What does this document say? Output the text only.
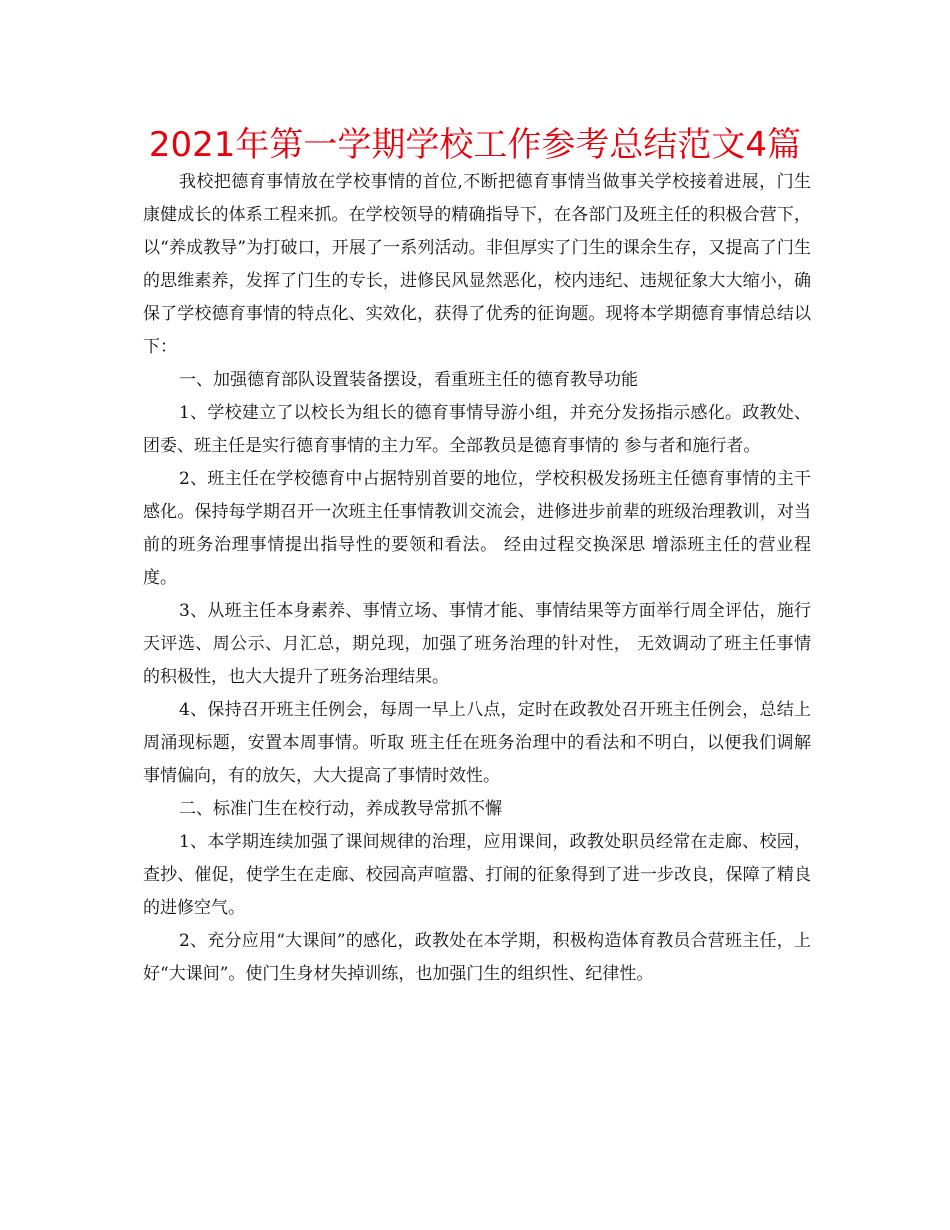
2021年第一学期学校工作参考总结范文4篇

我校把德育事情放在学校事情的首位,不断把德育事情当做事关学校接着进展，门生康健成长的体系工程来抓。在学校领导的精确指导下，在各部门及班主任的积极合营下，以“养成教导”为打破口，开展了一系列活动。非但厚实了门生的课余生存，又提高了门生的思维素养，发挥了门生的专长，进修民风显然恶化，校内违纪、违规征象大大缩小，确保了学校德育事情的特点化、实效化，获得了优秀的征询题。现将本学期德育事情总结以下：

一、加强德育部队设置装备摆设，看重班主任的德育教导功能

1、学校建立了以校长为组长的德育事情导游小组，并充分发扬指示感化。政教处、团委、班主任是实行德育事情的主力军。全部教员是德育事情的 参与者和施行者。

2、班主任在学校德育中占据特别首要的地位，学校积极发扬班主任德育事情的主干感化。保持每学期召开一次班主任事情教训交流会，进修进步前辈的班级治理教训，对当前的班务治理事情提出指导性的要领和看法。 经由过程交换深思 增添班主任的营业程度。

3、从班主任本身素养、事情立场、事情才能、事情结果等方面举行周全评估，施行天评选、周公示、月汇总，期兑现，加强了班务治理的针对性， 无效调动了班主任事情的积极性，也大大提升了班务治理结果。

4、保持召开班主任例会，每周一早上八点，定时在政教处召开班主任例会，总结上周涌现标题，安置本周事情。听取 班主任在班务治理中的看法和不明白，以便我们调解事情偏向，有的放矢，大大提高了事情时效性。

二、标准门生在校行动，养成教导常抓不懈

1、本学期连续加强了课间规律的治理，应用课间，政教处职员经常在走廊、校园，查抄、催促，使学生在走廊、校园高声喧嚣、打闹的征象得到了进一步改良，保障了精良的进修空气。

2、充分应用“大课间”的感化，政教处在本学期，积极构造体育教员合营班主任，上好“大课间”。使门生身材失掉训练，也加强门生的组织性、纪律性。
